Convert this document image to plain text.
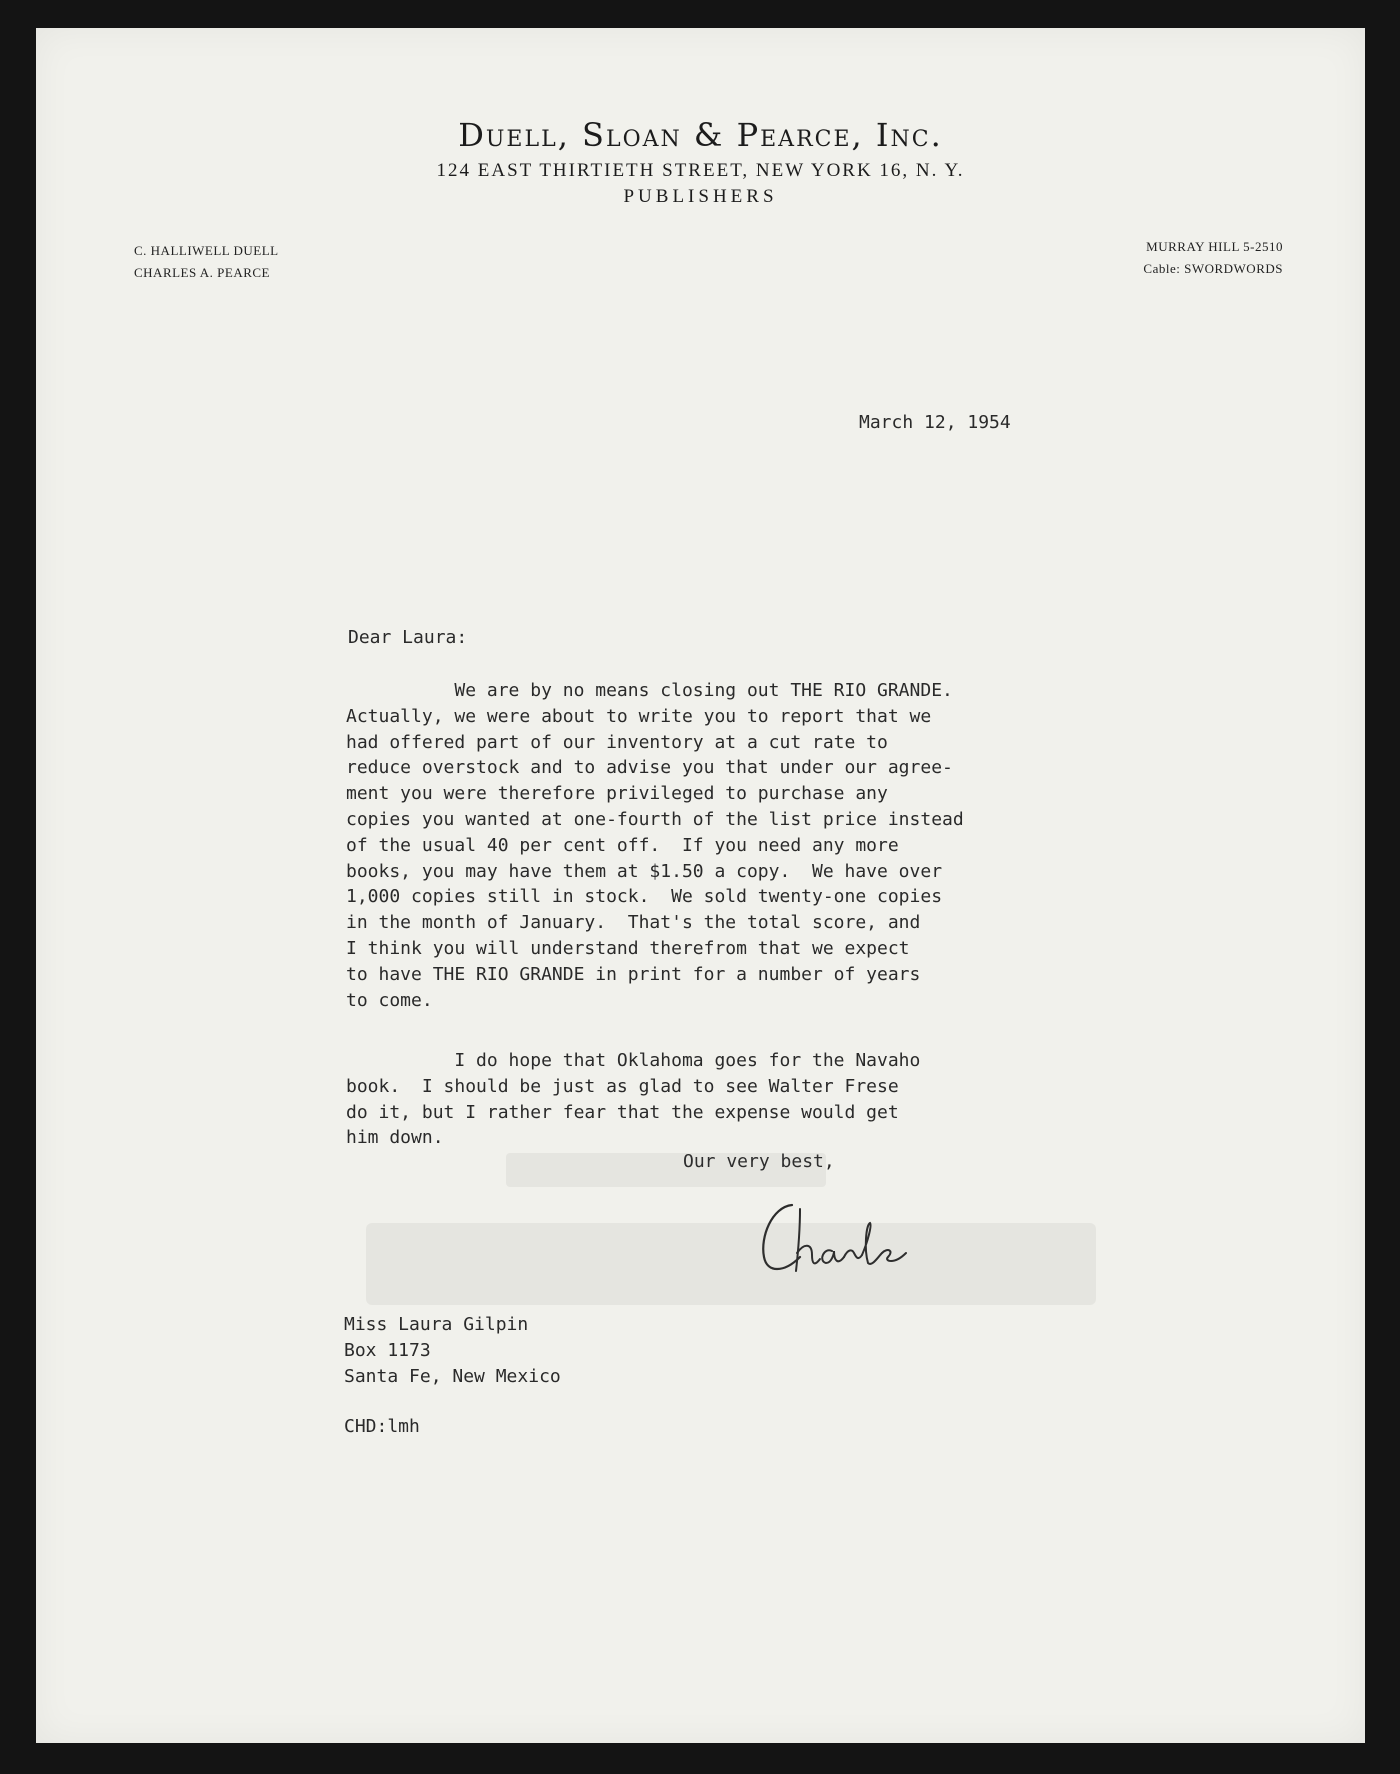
Duell, Sloan & Pearce, Inc.
124 EAST THIRTIETH STREET, NEW YORK 16, N. Y.
PUBLISHERS
C. HALLIWELL DUELL
CHARLES A. PEARCE
MURRAY HILL 5-2510
Cable: SWORDWORDS
March 12, 1954
Dear Laura:

We are by no means closing out THE RIO GRANDE.

Actually, we were about to write you to report that we

had offered part of our inventory at a cut rate to

reduce overstock and to advise you that under our agree-

ment you were therefore privileged to purchase any

copies you wanted at one-fourth of the list price instead

of the usual 40 per cent off.  If you need any more

books, you may have them at $1.50 a copy.  We have over

1,000 copies still in stock.  We sold twenty-one copies

in the month of January.  That's the total score, and

I think you will understand therefrom that we expect

to have THE RIO GRANDE in print for a number of years

to come.

I do hope that Oklahoma goes for the Navaho

book.  I should be just as glad to see Walter Frese

do it, but I rather fear that the expense would get

him down.

Our very best,
Miss Laura Gilpin
Box 1173
Santa Fe, New Mexico
CHD:lmh
